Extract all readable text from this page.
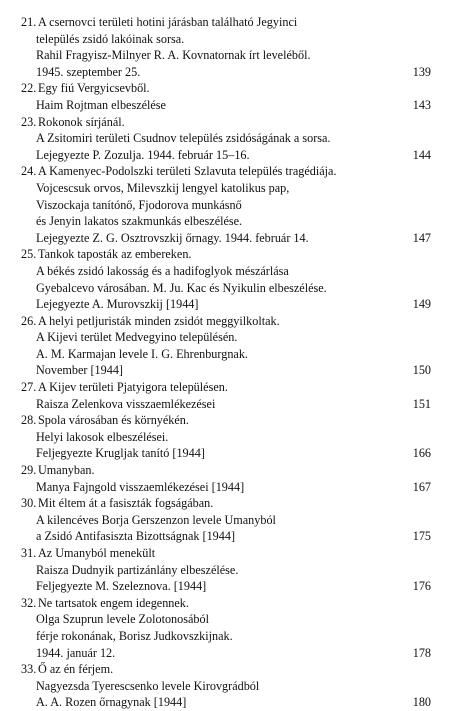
21. A csernovci területi hotini járásban található Jegyinci
település zsidó lakóinak sorsa.
Rahil Fragyisz-Milnyer R. A. Kovnatornak írt leveléből.
1945. szeptember 25.	139
22. Egy fiú Vergyicsevből.
Haim Rojtman elbeszélése	143
23. Rokonok sírjánál.
A Zsitomiri területi Csudnov település zsidóságának a sorsa.
Lejegyezte P. Zozulja. 1944. február 15–16.	144
24. A Kamenyec-Podolszki területi Szlavuta település tragédiája.
Vojcescsuk orvos, Milevszkij lengyel katolikus pap,
Viszockaja tanítónő, Fjodorova munkásnő
és Jenyin lakatos szakmunkás elbeszélése.
Lejegyezte Z. G. Osztrovszkij őrnagy. 1944. február 14.	147
25. Tankok taposták az embereken.
A békés zsidó lakosság és a hadifoglyok mészárlása
Gyebalcevo városában. M. Ju. Kac és Nyikulin elbeszélése.
Lejegyezte A. Murovszkij [1944]	149
26. A helyi petljuristák minden zsidót meggyilkoltak.
A Kijevi terület Medvegyino településén.
A. M. Karmajan levele I. G. Ehrenburgnak.
November [1944]	150
27. A Kijev területi Pjatyigora településen.
Raisza Zelenkova visszaemlékezései	151
28. Spola városában és környékén.
Helyi lakosok elbeszélései.
Feljegyezte Krugljak tanító [1944]	166
29. Umanyban.
Manya Fajngold visszaemlékezései [1944]	167
30. Mit éltem át a fasiszták fogságában.
A kilencéves Borja Gerszenzon levele Umanyból
a Zsidó Antifasiszta Bizottságnak [1944]	175
31. Az Umanyból menekült
Raisza Dudnyik partizánlány elbeszélése.
Feljegyezte M. Szeleznova. [1944]	176
32. Ne tartsatok engem idegennek.
Olga Szuprun levele Zolotonosából
férje rokonának, Borisz Judkovszkijnak.
1944. január 12.	178
33. Ő az én férjem.
Nagyezsda Tyerescsenko levele Kirovgrádból
A. A. Rozen őrnagynak [1944]	180
